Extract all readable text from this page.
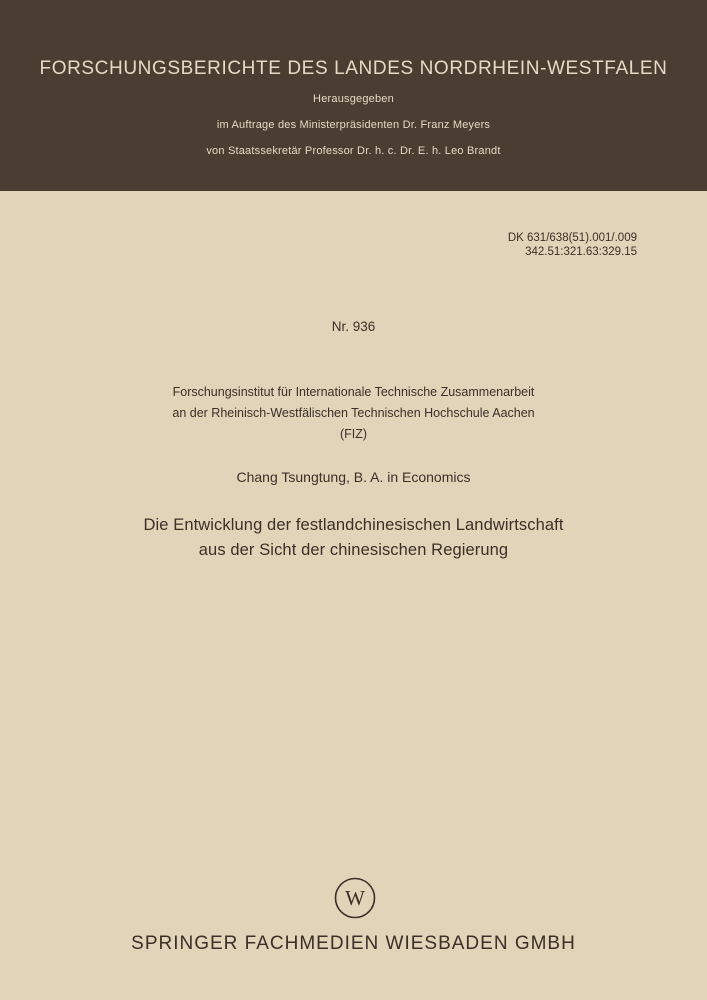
FORSCHUNGSBERICHTE DES LANDES NORDRHEIN-WESTFALEN
Herausgegeben
im Auftrage des Ministerpräsidenten Dr. Franz Meyers
von Staatssekretär Professor Dr. h. c. Dr. E. h. Leo Brandt
DK 631/638(51).001/.009
342.51:321.63:329.15
Nr. 936
Forschungsinstitut für Internationale Technische Zusammenarbeit
an der Rheinisch-Westfälischen Technischen Hochschule Aachen
(FIZ)
Chang Tsungtung, B. A. in Economics
Die Entwicklung der festlandchinesischen Landwirtschaft
aus der Sicht der chinesischen Regierung
W
SPRINGER FACHMEDIEN WIESBADEN GMBH
